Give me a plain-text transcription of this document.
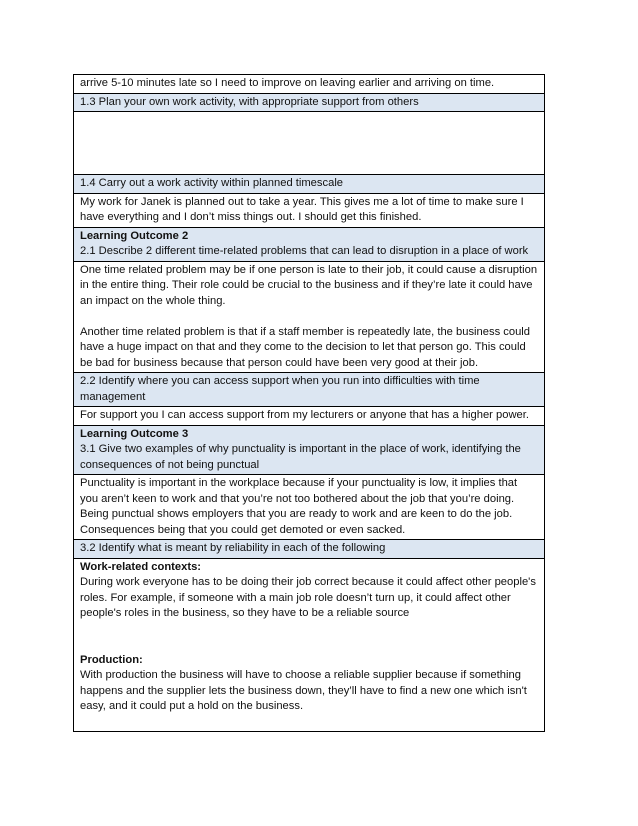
arrive 5-10 minutes late so I need to improve on leaving earlier and arriving on time.

1.3 Plan your own work activity, with appropriate support from others

1.4 Carry out a work activity within planned timescale

My work for Janek is planned out to take a year. This gives me a lot of time to make sure I have everything and I don’t miss things out. I should get this finished.

Learning Outcome 2

2.1 Describe 2 different time-related problems that can lead to disruption in a place of work

One time related problem may be if one person is late to their job, it could cause a disruption in the entire thing. Their role could be crucial to the business and if they’re late it could have an impact on the whole thing.

Another time related problem is that if a staff member is repeatedly late, the business could have a huge impact on that and they come to the decision to let that person go. This could be bad for business because that person could have been very good at their job.

2.2 Identify where you can access support when you run into difficulties with time management

For support you I can access support from my lecturers or anyone that has a higher power.

Learning Outcome 3

3.1 Give two examples of why punctuality is important in the place of work, identifying the consequences of not being punctual

Punctuality is important in the workplace because if your punctuality is low, it implies that you aren’t keen to work and that you’re not too bothered about the job that you’re doing. Being punctual shows employers that you are ready to work and are keen to do the job. Consequences being that you could get demoted or even sacked.

3.2 Identify what is meant by reliability in each of the following

Work-related contexts:

During work everyone has to be doing their job correct because it could affect other people's roles. For example, if someone with a main job role doesn’t turn up, it could affect other people's roles in the business, so they have to be a reliable source

Production:

With production the business will have to choose a reliable supplier because if something happens and the supplier lets the business down, they’ll have to find a new one which isn't easy, and it could put a hold on the business.
